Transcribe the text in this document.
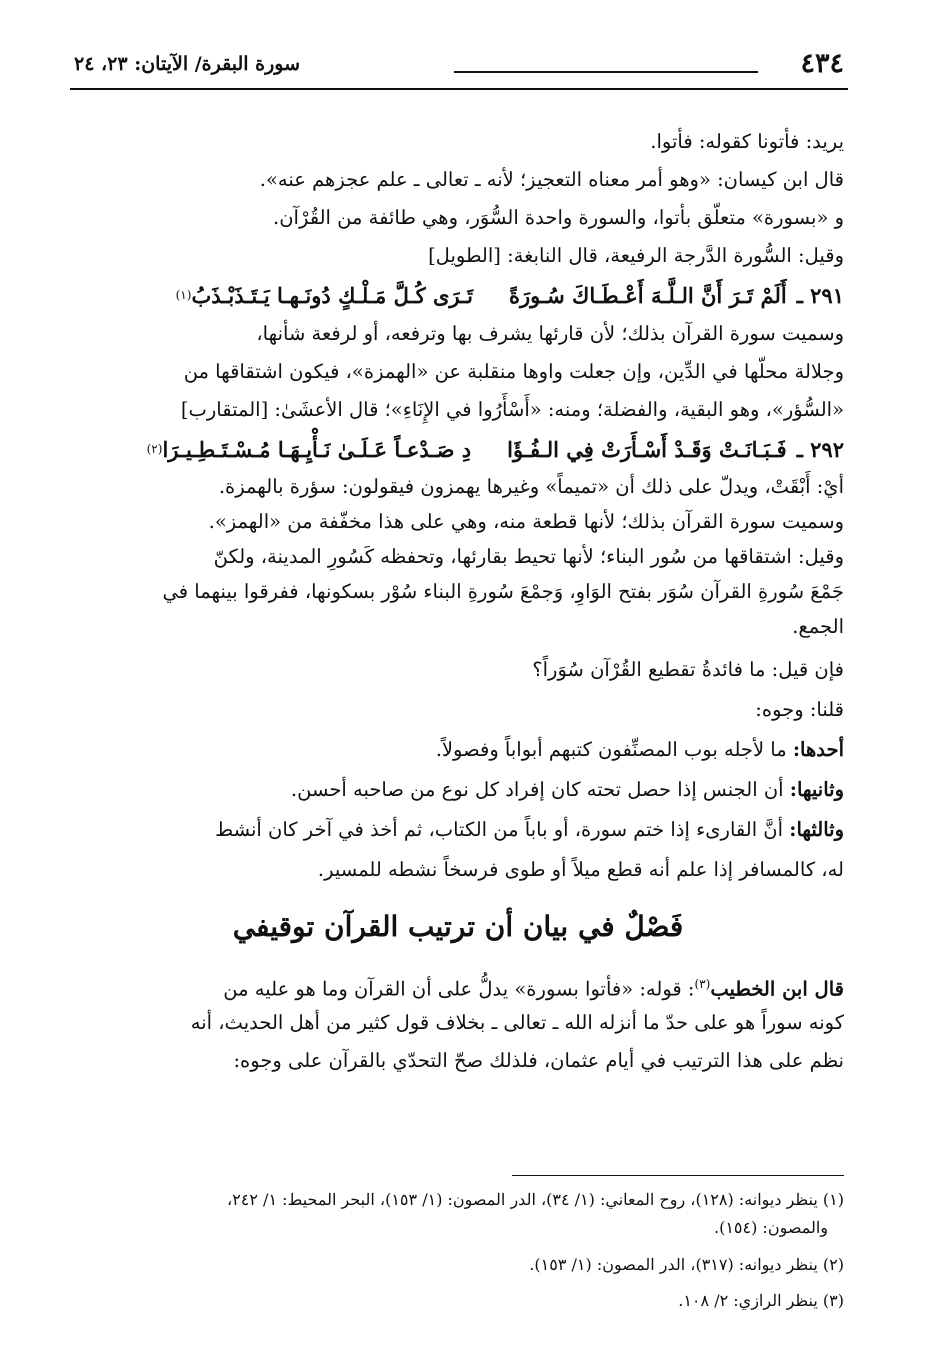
٤٣٤
سورة البقرة/ الآيتان: ٢٣، ٢٤
يريد: فأتونا كقوله: فأتوا.
قال ابن كيسان: «وهو أمر معناه التعجيز؛ لأنه ـ تعالى ـ علم عجزهم عنه».
و «بسورة» متعلّق بأتوا، والسورة واحدة السُّوَر، وهي طائفة من القُرْآن.
وقيل: السُّورة الدَّرجة الرفيعة، قال النابغة: [الطويل]
٢٩١ ـ
أَلَمْ تَـرَ أَنَّ الـلَّـهَ أَعْـطَـاكَ سُـورَةً
تَـرَى كُـلَّ مَـلْـكٍ دُونَـهـا يَـتَـذَبْـذَبُ
(١)
وسميت سورة القرآن بذلك؛ لأن قارئها يشرف بها وترفعه، أو لرفعة شأنها،
وجلالة محلّها في الدِّين، وإن جعلت واوها منقلبة عن «الهمزة»، فيكون اشتقاقها من
«السُّؤر»، وهو البقية، والفضلة؛ ومنه: «أَسْأَرُوا في الإِنَاءِ»؛ قال الأعشَىٰ: [المتقارب]
٢٩٢ ـ
فَـبَـانَـتْ وَقَـدْ أَسْـأَرَتْ فِي الـفُـؤَا
دِ صَـدْعـاً عَـلَـىٰ نَـأْيِـهَـا مُـسْـتَـطِـيـرَا
(٢)
أيْ: أَبْقَتْ، ويدلّ على ذلك أن «تميماً» وغيرها يهمزون فيقولون: سؤرة بالهمزة.
وسميت سورة القرآن بذلك؛ لأنها قطعة منه، وهي على هذا مخفّفة من «الهمز».
وقيل: اشتقاقها من سُور البناء؛ لأنها تحيط بقارئها، وتحفظه كَسُورِ المدينة، ولكنّ
جَمْعَ سُورةِ القرآن سُوَر بفتح الوَاوِ، وَجمْعَ سُورةِ البناء سُوْر بسكونها، ففرقوا بينهما في
الجمع.
فإن قيل: ما فائدةُ تقطيع القُرْآن سُوَراً؟
قلنا: وجوه:
أحدها: ما لأجله بوب المصنِّفون كتبهم أبواباً وفصولاً.
وثانيها: أن الجنس إذا حصل تحته كان إفراد كل نوع من صاحبه أحسن.
وثالثها: أنَّ القارىء إذا ختم سورة، أو باباً من الكتاب، ثم أخذ في آخر كان أنشط
له، كالمسافر إذا علم أنه قطع ميلاً أو طوى فرسخاً نشطه للمسير.
فَصْلٌ في بيان أن ترتيب القرآن توقيفي
قال ابن الخطيب$^{(٣)}$: قوله: «فأتوا بسورة» يدلُّ على أن القرآن وما هو عليه من
كونه سوراً هو على حدّ ما أنزله الله ـ تعالى ـ بخلاف قول كثير من أهل الحديث، أنه
نظم على هذا الترتيب في أيام عثمان، فلذلك صحّ التحدّي بالقرآن على وجوه:
(١) ينظر ديوانه: (١٢٨)، روح المعاني: (١/ ٣٤)، الدر المصون: (١/ ١٥٣)، البحر المحيط: ١/ ٢٤٢،
والمصون: (١٥٤).
(٢) ينظر ديوانه: (٣١٧)، الدر المصون: (١/ ١٥٣).
(٣) ينظر الرازي: ٢/ ١٠٨.
